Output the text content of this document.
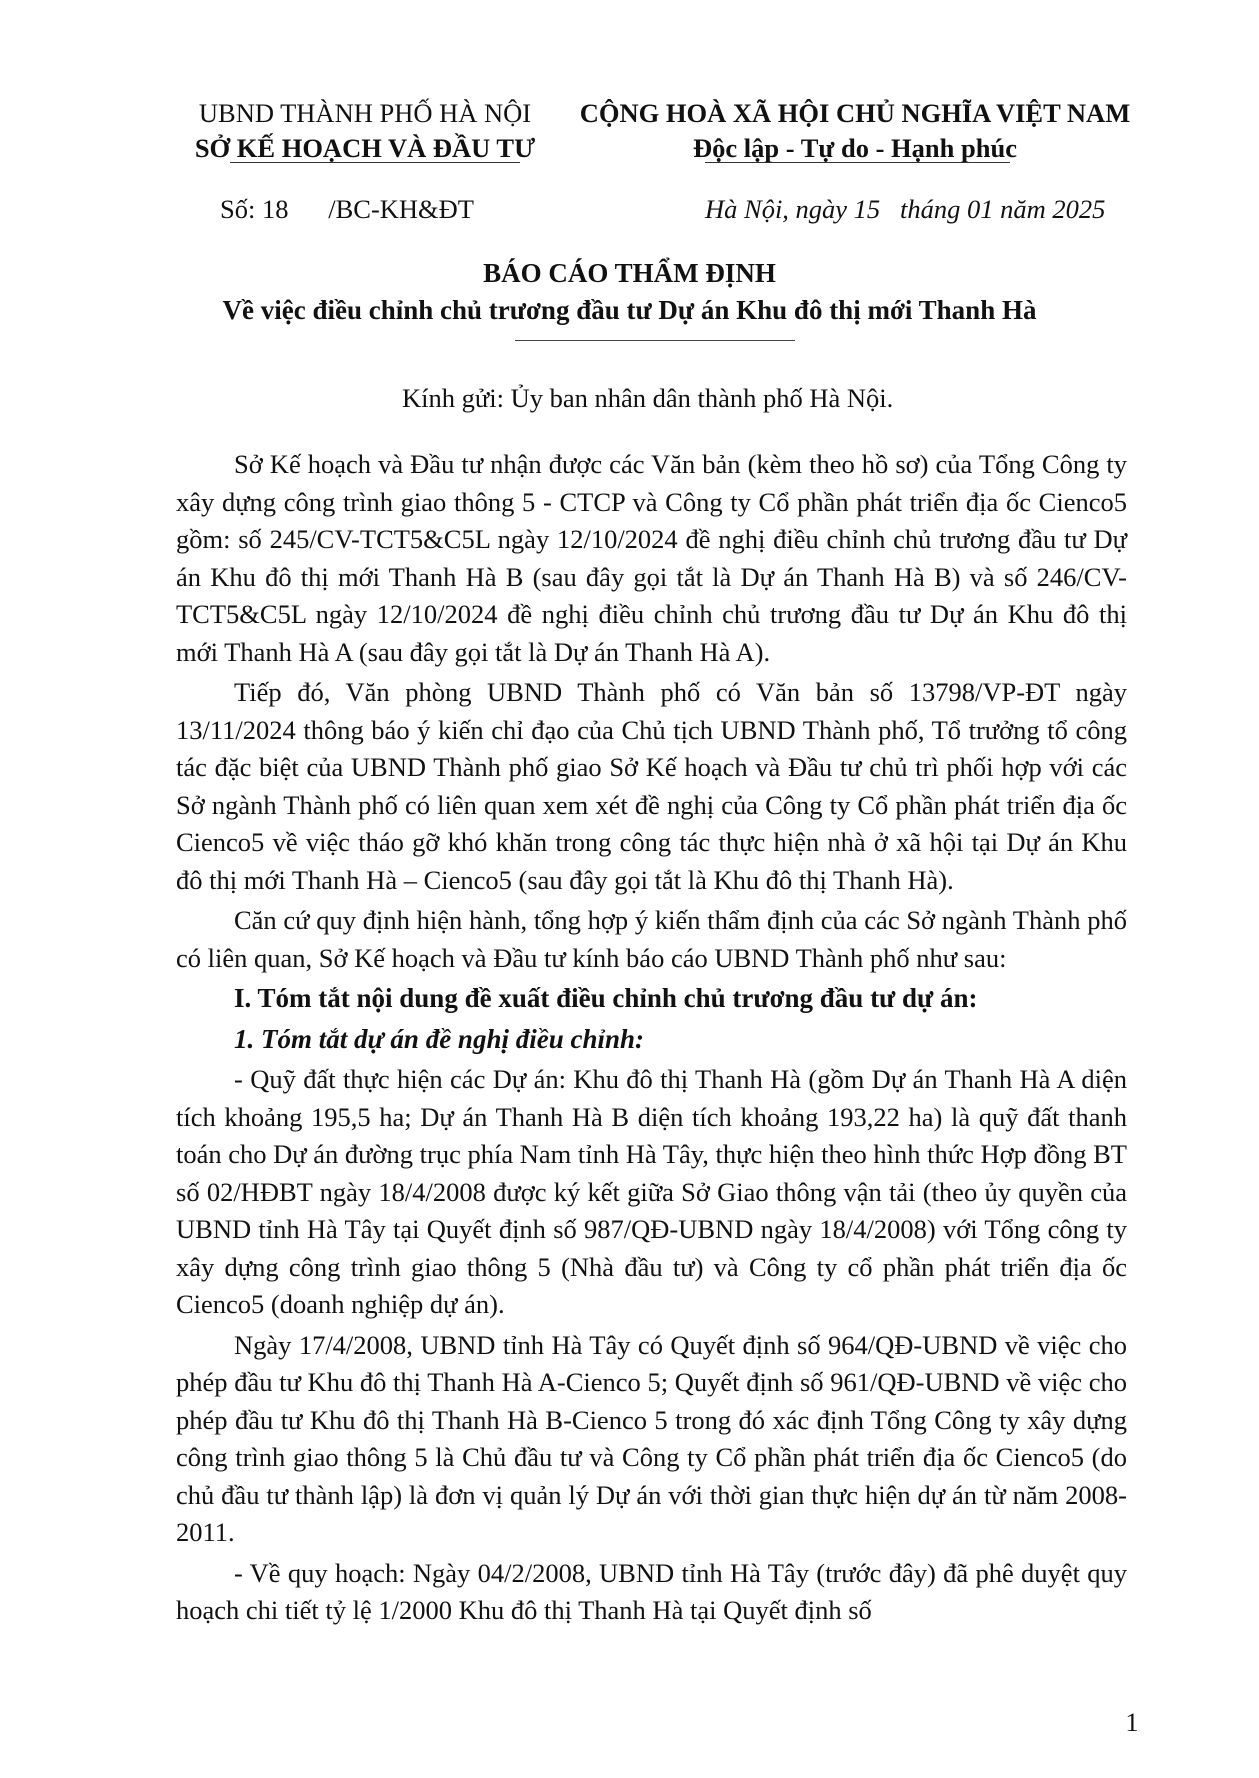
UBND THÀNH PHỐ HÀ NỘI
SỞ KẾ HOẠCH VÀ ĐẦU TƯ
CỘNG HOÀ XÃ HỘI CHỦ NGHĨA VIỆT NAM
Độc lập - Tự do - Hạnh phúc
Số: 18      /BC-KH&ĐT	Hà Nội, ngày 15   tháng 01 năm 2025
BÁO CÁO THẨM ĐỊNH
Về việc điều chỉnh chủ trương đầu tư Dự án Khu đô thị mới Thanh Hà
Kính gửi: Ủy ban nhân dân thành phố Hà Nội.

Sở Kế hoạch và Đầu tư nhận được các Văn bản (kèm theo hồ sơ) của Tổng Công ty xây dựng công trình giao thông 5 - CTCP và Công ty Cổ phần phát triển địa ốc Cienco5 gồm: số 245/CV-TCT5&C5L ngày 12/10/2024 đề nghị điều chỉnh chủ trương đầu tư Dự án Khu đô thị mới Thanh Hà B (sau đây gọi tắt là Dự án Thanh Hà B) và số 246/CV-TCT5&C5L ngày 12/10/2024 đề nghị điều chỉnh chủ trương đầu tư Dự án Khu đô thị mới Thanh Hà A (sau đây gọi tắt là Dự án Thanh Hà A).

Tiếp đó, Văn phòng UBND Thành phố có Văn bản số 13798/VP-ĐT ngày 13/11/2024 thông báo ý kiến chỉ đạo của Chủ tịch UBND Thành phố, Tổ trưởng tổ công tác đặc biệt của UBND Thành phố giao Sở Kế hoạch và Đầu tư chủ trì phối hợp với các Sở ngành Thành phố có liên quan xem xét đề nghị của Công ty Cổ phần phát triển địa ốc Cienco5 về việc tháo gỡ khó khăn trong công tác thực hiện nhà ở xã hội tại Dự án Khu đô thị mới Thanh Hà – Cienco5 (sau đây gọi tắt là Khu đô thị Thanh Hà).

Căn cứ quy định hiện hành, tổng hợp ý kiến thẩm định của các Sở ngành Thành phố có liên quan, Sở Kế hoạch và Đầu tư kính báo cáo UBND Thành phố như sau:

I. Tóm tắt nội dung đề xuất điều chỉnh chủ trương đầu tư dự án:

1. Tóm tắt dự án đề nghị điều chỉnh:

- Quỹ đất thực hiện các Dự án: Khu đô thị Thanh Hà (gồm Dự án Thanh Hà A diện tích khoảng 195,5 ha; Dự án Thanh Hà B diện tích khoảng 193,22 ha) là quỹ đất thanh toán cho Dự án đường trục phía Nam tỉnh Hà Tây, thực hiện theo hình thức Hợp đồng BT số 02/HĐBT ngày 18/4/2008 được ký kết giữa Sở Giao thông vận tải (theo ủy quyền của UBND tỉnh Hà Tây tại Quyết định số 987/QĐ-UBND ngày 18/4/2008) với Tổng công ty xây dựng công trình giao thông 5 (Nhà đầu tư) và Công ty cổ phần phát triển địa ốc Cienco5 (doanh nghiệp dự án).

Ngày 17/4/2008, UBND tỉnh Hà Tây có Quyết định số 964/QĐ-UBND về việc cho phép đầu tư Khu đô thị Thanh Hà A-Cienco 5; Quyết định số 961/QĐ-UBND về việc cho phép đầu tư Khu đô thị Thanh Hà B-Cienco 5 trong đó xác định Tổng Công ty xây dựng công trình giao thông 5 là Chủ đầu tư và Công ty Cổ phần phát triển địa ốc Cienco5 (do chủ đầu tư thành lập) là đơn vị quản lý Dự án với thời gian thực hiện dự án từ năm 2008-2011.

- Về quy hoạch: Ngày 04/2/2008, UBND tỉnh Hà Tây (trước đây) đã phê duyệt quy hoạch chi tiết tỷ lệ 1/2000 Khu đô thị Thanh Hà tại Quyết định số

1
